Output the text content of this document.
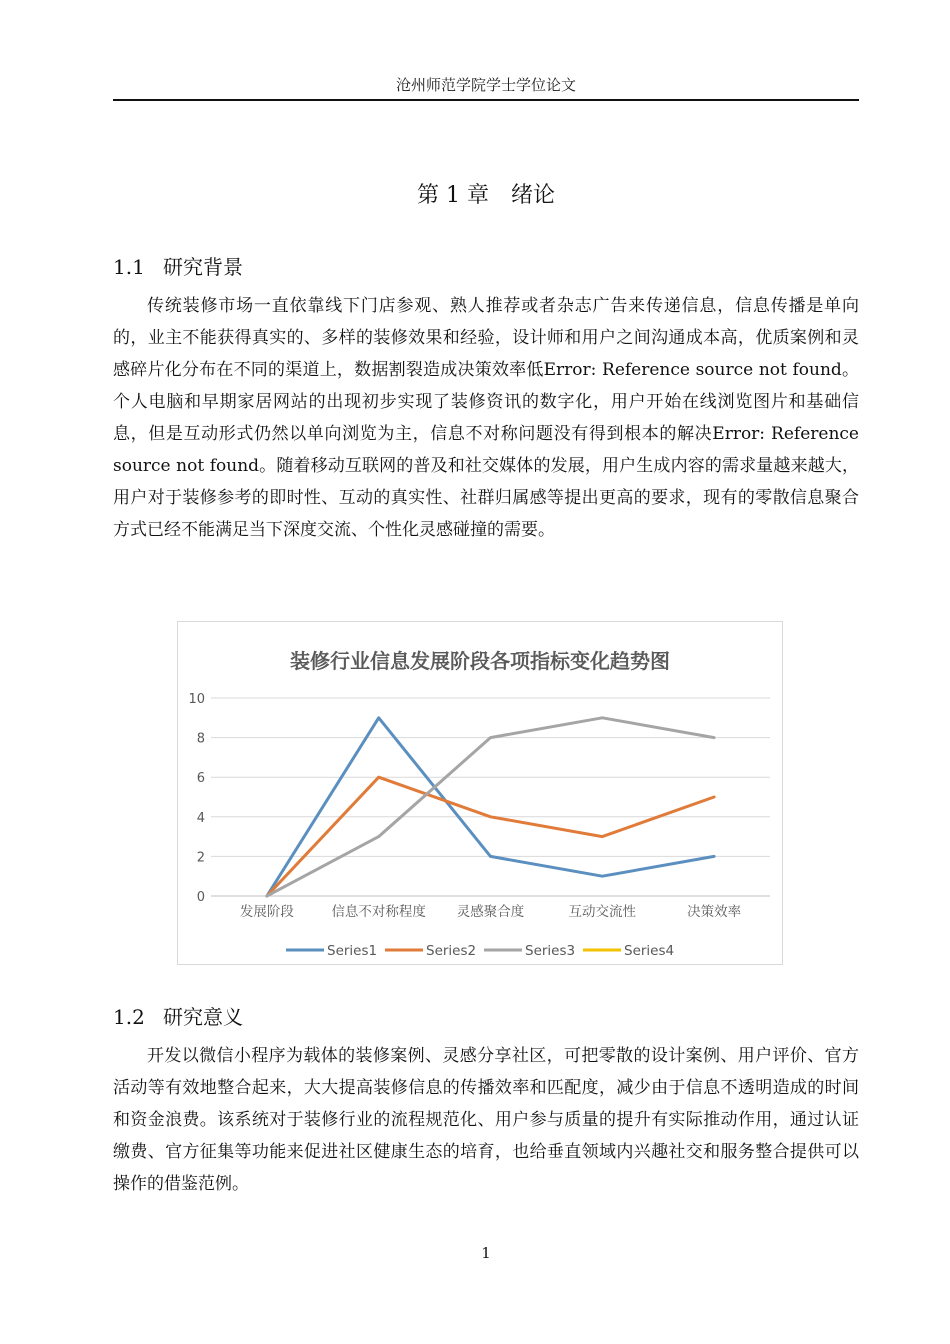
沧州师范学院学士学位论文
第 1 章　绪论
1.1 研究背景

传统装修市场一直依靠线下门店参观、熟人推荐或者杂志广告来传递信息，信息传播是单向的，业主不能获得真实的、多样的装修效果和经验，设计师和用户之间沟通成本高，优质案例和灵感碎片化分布在不同的渠道上，数据割裂造成决策效率低Error: Reference source not found。个人电脑和早期家居网站的出现初步实现了装修资讯的数字化，用户开始在线浏览图片和基础信息，但是互动形式仍然以单向浏览为主，信息不对称问题没有得到根本的解决Error: Reference source not found。随着移动互联网的普及和社交媒体的发展，用户生成内容的需求量越来越大，用户对于装修参考的即时性、互动的真实性、社群归属感等提出更高的要求，现有的零散信息聚合方式已经不能满足当下深度交流、个性化灵感碰撞的需要。

装修行业信息发展阶段各项指标变化趋势图
0
2
4
6
8
10
发展阶段	信息不对称程度 灵感聚合度	互动交流性	决策效率
Series1	Series2	Series3	Series4
1.2 研究意义

开发以微信小程序为载体的装修案例、灵感分享社区，可把零散的设计案例、用户评价、官方活动等有效地整合起来，大大提高装修信息的传播效率和匹配度，减少由于信息不透明造成的时间和资金浪费。该系统对于装修行业的流程规范化、用户参与质量的提升有实际推动作用，通过认证缴费、官方征集等功能来促进社区健康生态的培育，也给垂直领域内兴趣社交和服务整合提供可以操作的借鉴范例。

1
